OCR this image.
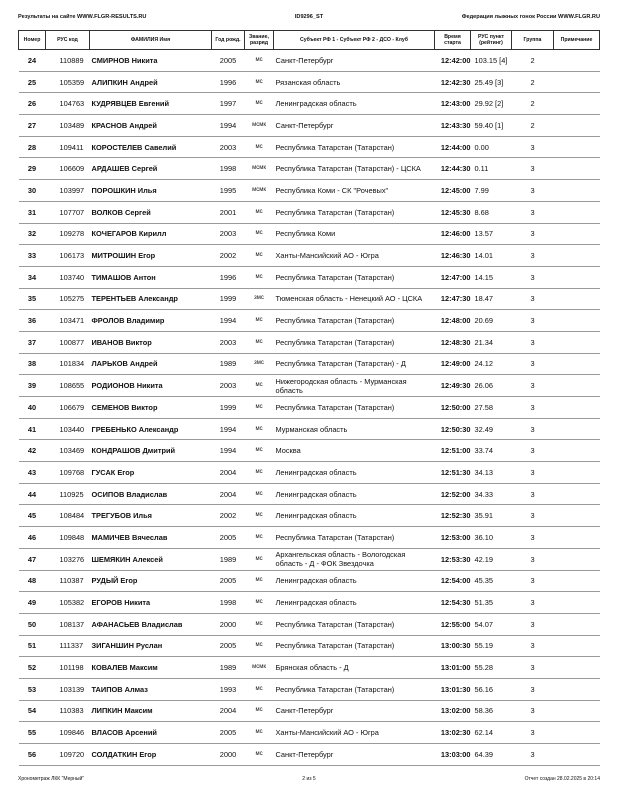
Результаты на сайте WWW.FLGR-RESULTS.RU	ID9296_ST	Федерация лыжных гонок России WWW.FLGR.RU
Номер	РУС код	ФАМИЛИЯ Имя	Год рожд.	Звание, разряд	Субъект РФ 1 - Субъект РФ 2 - ДСО - Клуб	Время старта	РУС пункт (рейтинг)	Группа	Примечание
24	110889	СМИРНОВ Никита	2005	мс	Санкт-Петербург	12:42:00	103.15 [4]	2	
25	105359	АЛИПКИН Андрей	1996	мс	Рязанская область	12:42:30	25.49 [3]	2	
26	104763	КУДРЯВЦЕВ Евгений	1997	мс	Ленинградская область	12:43:00	29.92 [2]	2	
27	103489	КРАСНОВ Андрей	1994	мсмк	Санкт-Петербург	12:43:30	59.40 [1]	2	
28	109411	КОРОСТЕЛЕВ Савелий	2003	мс	Республика Татарстан (Татарстан)	12:44:00	0.00	3	
29	106609	АРДАШЕВ Сергей	1998	мсмк	Республика Татарстан (Татарстан) - ЦСКА	12:44:30	0.11	3	
30	103997	ПОРОШКИН Илья	1995	мсмк	Республика Коми - СК "Рочевых"	12:45:00	7.99	3	
31	107707	ВОЛКОВ Сергей	2001	мс	Республика Татарстан (Татарстан)	12:45:30	8.68	3	
32	109278	КОЧЕГАРОВ Кирилл	2003	мс	Республика Коми	12:46:00	13.57	3	
33	106173	МИТРОШИН Егор	2002	мс	Ханты-Мансийский АО - Югра	12:46:30	14.01	3	
34	103740	ТИМАШОВ Антон	1996	мс	Республика Татарстан (Татарстан)	12:47:00	14.15	3	
35	105275	ТЕРЕНТЬЕВ Александр	1999	змс	Тюменская область - Ненецкий АО - ЦСКА	12:47:30	18.47	3	
36	103471	ФРОЛОВ Владимир	1994	мс	Республика Татарстан (Татарстан)	12:48:00	20.69	3	
37	100877	ИВАНОВ Виктор	2003	мс	Республика Татарстан (Татарстан)	12:48:30	21.34	3	
38	101834	ЛАРЬКОВ Андрей	1989	змс	Республика Татарстан (Татарстан) - Д	12:49:00	24.12	3	
39	108655	РОДИОНОВ Никита	2003	мс	Нижегородская область - Мурманская область	12:49:30	26.06	3	
40	106679	СЕМЕНОВ Виктор	1999	мс	Республика Татарстан (Татарстан)	12:50:00	27.58	3	
41	103440	ГРЕБЕНЬКО Александр	1994	мс	Мурманская область	12:50:30	32.49	3	
42	103469	КОНДРАШОВ Дмитрий	1994	мс	Москва	12:51:00	33.74	3	
43	109768	ГУСАК Егор	2004	мс	Ленинградская область	12:51:30	34.13	3	
44	110925	ОСИПОВ Владислав	2004	мс	Ленинградская область	12:52:00	34.33	3	
45	108484	ТРЕГУБОВ Илья	2002	мс	Ленинградская область	12:52:30	35.91	3	
46	109848	МАМИЧЕВ Вячеслав	2005	мс	Республика Татарстан (Татарстан)	12:53:00	36.10	3	
47	103276	ШЕМЯКИН Алексей	1989	мс	Архангельская область - Вологодская область - Д - ФОК Звездочка	12:53:30	42.19	3	
48	110387	РУДЫЙ Егор	2005	мс	Ленинградская область	12:54:00	45.35	3	
49	105382	ЕГОРОВ Никита	1998	мс	Ленинградская область	12:54:30	51.35	3	
50	108137	АФАНАСЬЕВ Владислав	2000	мс	Республика Татарстан (Татарстан)	12:55:00	54.07	3	
51	111337	ЗИГАНШИН Руслан	2005	мс	Республика Татарстан (Татарстан)	13:00:30	55.19	3	
52	101198	КОВАЛЕВ Максим	1989	мсмк	Брянская область - Д	13:01:00	55.28	3	
53	103139	ТАИПОВ Алмаз	1993	мс	Республика Татарстан (Татарстан)	13:01:30	56.16	3	
54	110383	ЛИПКИН Максим	2004	мс	Санкт-Петербург	13:02:00	58.36	3	
55	109846	ВЛАСОВ Арсений	2005	мс	Ханты-Мансийский АО - Югра	13:02:30	62.14	3	
56	109720	СОЛДАТКИН Егор	2000	мс	Санкт-Петербург	13:03:00	64.39	3	
Хронометраж ЛКК "Мерный"	2 из 5	Отчет создан 28.02.2025 в 20:14
